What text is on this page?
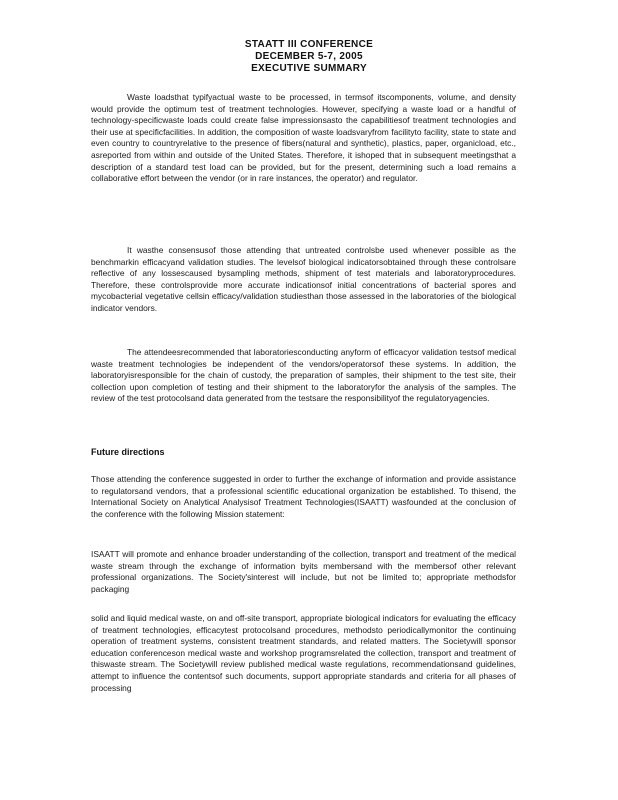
STAATT III CONFERENCE
DECEMBER 5-7, 2005
EXECUTIVE SUMMARY

Waste loadsthat typifyactual waste to be processed, in termsof itscomponents, volume, and density would provide the optimum test of treatment technologies. However, specifying a waste load or a handful of technology-specificwaste loads could create false impressionsasto the capabilitiesof treatment technologies and their use at specificfacilities. In addition, the composition of waste loadsvaryfrom facilityto facility, state to state and even country to countryrelative to the presence of fibers(natural and synthetic), plastics, paper, organicload, etc., asreported from within and outside of the United States. Therefore, it ishoped that in subsequent meetingsthat a description of a standard test load can be provided, but for the present, determining such a load remains a collaborative effort between the vendor (or in rare instances, the operator) and regulator.

It wasthe consensusof those attending that untreated controlsbe used whenever possible as the benchmarkin efficacyand validation studies. The levelsof biological indicatorsobtained through these controlsare reflective of any lossescaused bysampling methods, shipment of test materials and laboratoryprocedures. Therefore, these controlsprovide more accurate indicationsof initial concentrations of bacterial spores and mycobacterial vegetative cellsin efficacy/validation studiesthan those assessed in the laboratories of the biological indicator vendors.

The attendeesrecommended that laboratoriesconducting anyform of efficacyor validation testsof medical waste treatment technologies be independent of the vendors/operatorsof these systems. In addition, the laboratoryisresponsible for the chain of custody, the preparation of samples, their shipment to the test site, their collection upon completion of testing and their shipment to the laboratoryfor the analysis of the samples. The review of the test protocolsand data generated from the testsare the responsibilityof the regulatoryagencies.

Future directions

Those attending the conference suggested in order to further the exchange of information and provide assistance to regulatorsand vendors, that a professional scientific educational organization be established. To thisend, the International Society on Analytical Analysisof Treatment Technologies(ISAATT) wasfounded at the conclusion of the conference with the following Mission statement:

ISAATT will promote and enhance broader understanding of the collection, transport and treatment of the medical waste stream through the exchange of information byits membersand with the membersof other relevant professional organizations. The Society'sinterest will include, but not be limited to; appropriate methodsfor packaging

solid and liquid medical waste, on and off-site transport, appropriate biological indicators for evaluating the efficacy of treatment technologies, efficacytest protocolsand procedures, methodsto periodicallymonitor the continuing operation of treatment systems, consistent treatment standards, and related matters. The Societywill sponsor education conferenceson medical waste and workshop programsrelated the collection, transport and treatment of thiswaste stream. The Societywill review published medical waste regulations, recommendationsand guidelines, attempt to influence the contentsof such documents, support appropriate standards and criteria for all phases of processing
